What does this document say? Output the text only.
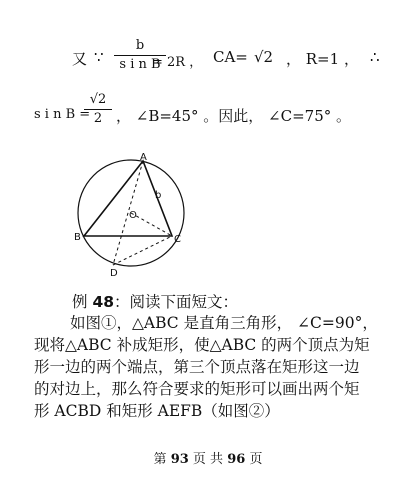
又 ∵
b
s i n B
= 2R ， CA= √2 ， R=1 ， ∴
s i n B =
√2
2 ， ∠B=45° 。因此， ∠C=75° 。
A
B	C
D
O
b
例 48：阅读下面短文：
如图①，△ABC 是直角三角形， ∠C=90°，
现将△ABC 补成矩形，使△ABC 的两个顶点为矩
形一边的两个端点，第三个顶点落在矩形这一边
的对边上，那么符合要求的矩形可以画出两个矩
形 ACBD 和矩形 AEFB（如图②）
第 93 页 共 96 页
